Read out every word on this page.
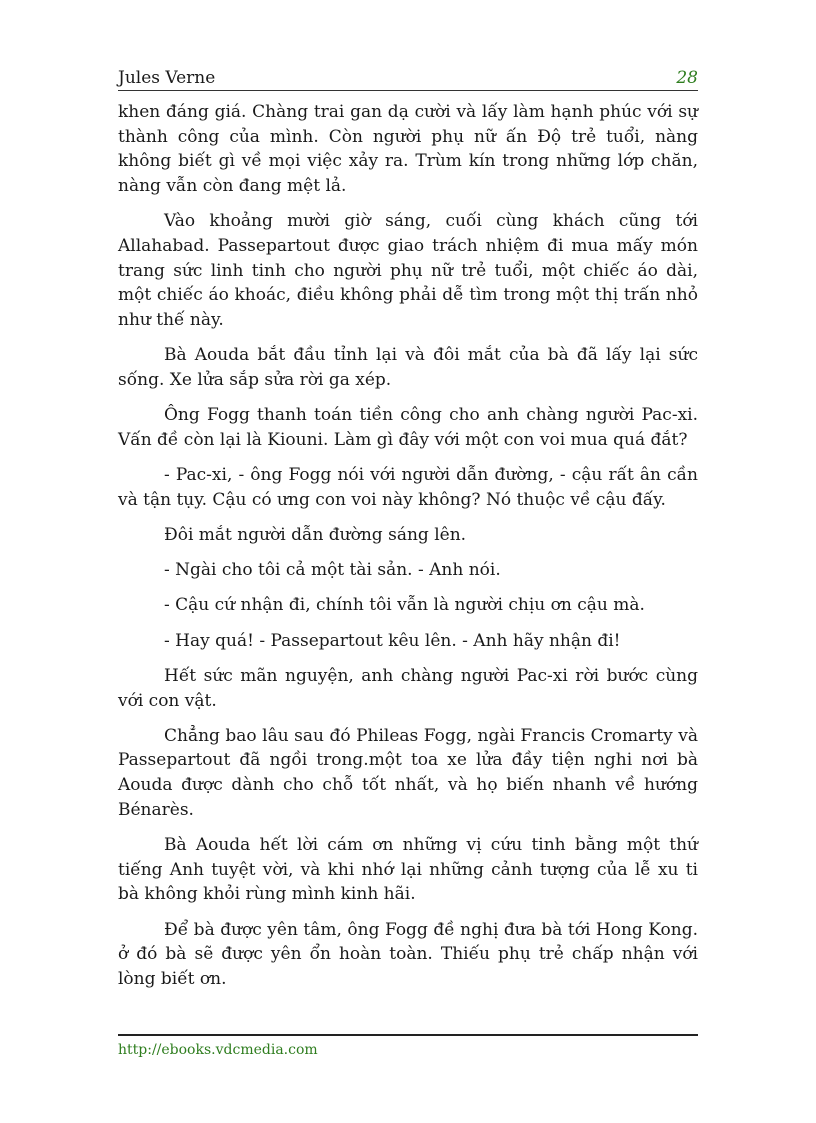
Jules Verne	28

khen đáng giá. Chàng trai gan dạ cười và lấy làm hạnh phúc với sự thành công của mình. Còn người phụ nữ ấn Độ trẻ tuổi, nàng không biết gì về mọi việc xảy ra. Trùm kín trong những lớp chăn, nàng vẫn còn đang mệt lả.

Vào khoảng mười giờ sáng, cuối cùng khách cũng tới Allahabad. Passepartout được giao trách nhiệm đi mua mấy món trang sức linh tinh cho người phụ nữ trẻ tuổi, một chiếc áo dài, một chiếc áo khoác, điều không phải dễ tìm trong một thị trấn nhỏ như thế này.

Bà Aouda bắt đầu tỉnh lại và đôi mắt của bà đã lấy lại sức sống. Xe lửa sắp sửa rời ga xép.

Ông Fogg thanh toán tiền công cho anh chàng người Pac-xi. Vấn đề còn lại là Kiouni. Làm gì đây với một con voi mua quá đắt?

- Pac-xi, - ông Fogg nói với người dẫn đường, - cậu rất ân cần và tận tụy. Cậu có ưng con voi này không? Nó thuộc về cậu đấy.

Đôi mắt người dẫn đường sáng lên.

- Ngài cho tôi cả một tài sản. - Anh nói.

- Cậu cứ nhận đi, chính tôi vẫn là người chịu ơn cậu mà.

- Hay quá! - Passepartout kêu lên. - Anh hãy nhận đi!

Hết sức mãn nguyện, anh chàng người Pac-xi rời bước cùng với con vật.

Chẳng bao lâu sau đó Phileas Fogg, ngài Francis Cromarty và Passepartout đã ngồi trong.một toa xe lửa đầy tiện nghi nơi bà Aouda được dành cho chỗ tốt nhất, và họ biến nhanh về hướng Bénarès.

Bà Aouda hết lời cám ơn những vị cứu tinh bằng một thứ tiếng Anh tuyệt vời, và khi nhớ lại những cảnh tượng của lễ xu ti bà không khỏi rùng mình kinh hãi.

Để bà được yên tâm, ông Fogg đề nghị đưa bà tới Hong Kong. ở đó bà sẽ được yên ổn hoàn toàn. Thiếu phụ trẻ chấp nhận với lòng biết ơn.

http://ebooks.vdcmedia.com
